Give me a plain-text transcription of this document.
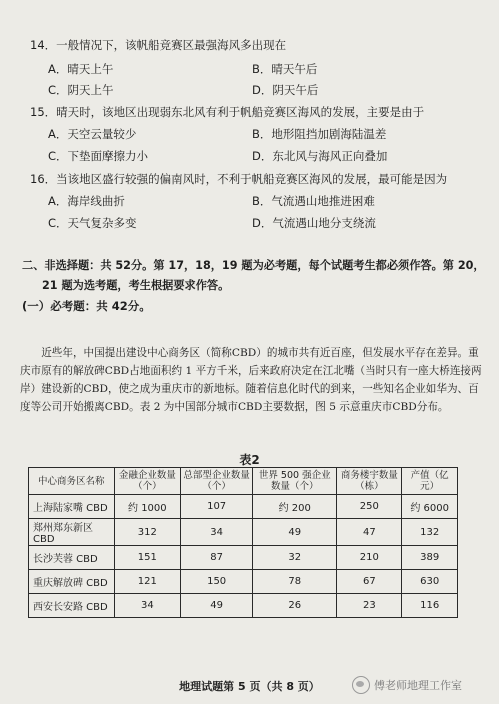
14．一般情况下，该帆船竞赛区最强海风多出现在
A．晴天上午	B．晴天午后
C．阴天上午	D．阴天午后
15．晴天时，该地区出现弱东北风有利于帆船竞赛区海风的发展，主要是由于
A．天空云量较少	B．地形阻挡加剧海陆温差
C．下垫面摩擦力小	D．东北风与海风正向叠加
16．当该地区盛行较强的偏南风时，不利于帆船竞赛区海风的发展，最可能是因为
A．海岸线曲折	B．气流遇山地推进困难
C．天气复杂多变	D．气流遇山地分支绕流
二、非选择题：共 52分。第 17，18，19 题为必考题，每个试题考生都必须作答。第 20，
21 题为选考题，考生根据要求作答。
(一）必考题：共 42分。

近些年，中国提出建设中心商务区（简称CBD）的城市共有近百座，但发展水平存在差异。重庆市原有的解放碑CBD占地面积约 1 平方千米，后来政府决定在江北嘴（当时只有一座大桥连接两岸）建设新的CBD，使之成为重庆市的新地标。随着信息化时代的到来，一些知名企业如华为、百度等公司开始搬离CBD。表 2 为中国部分城市CBD主要数据，图 5 示意重庆市CBD分布。

表2
中心商务区名称	金融企业数量（个）	总部型企业数量（个）	世界 500 强企业数量（个）	商务楼宇数量（栋）	产值（亿元）
上海陆家嘴 CBD	约 1000	107	约 200	250	约 6000
郑州郑东新区 CBD	312	34	49	47	132
长沙芙蓉 CBD	151	87	32	210	389
重庆解放碑 CBD	121	150	78	67	630
西安长安路 CBD	34	49	26	23	116
地理试题第 5 页（共 8 页）	傅老师地理工作室
